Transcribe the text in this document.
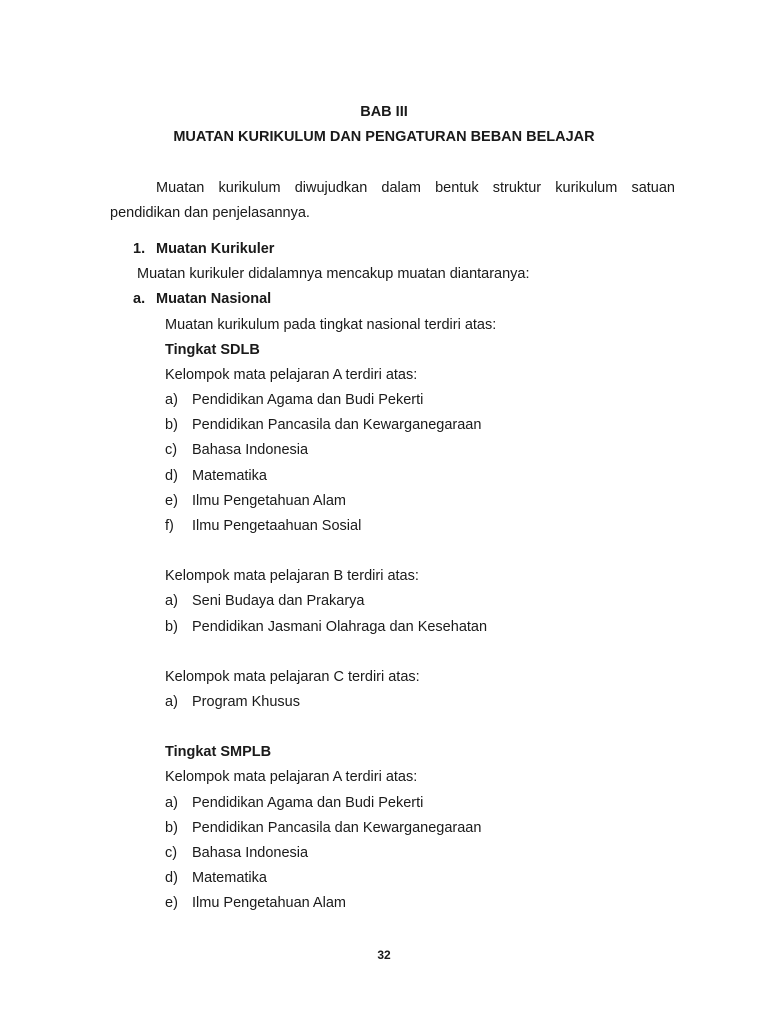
BAB III
MUATAN KURIKULUM DAN PENGATURAN BEBAN BELAJAR
Muatan kurikulum diwujudkan dalam bentuk struktur kurikulum satuan
pendidikan dan penjelasannya.
1. Muatan Kurikuler
Muatan kurikuler didalamnya mencakup muatan diantaranya:
a. Muatan Nasional
Muatan kurikulum pada tingkat nasional terdiri atas:
Tingkat SDLB
Kelompok mata pelajaran A terdiri atas:
a) Pendidikan Agama dan Budi Pekerti
b) Pendidikan Pancasila dan Kewarganegaraan
c) Bahasa Indonesia
d) Matematika
e) Ilmu Pengetahuan Alam
f) Ilmu Pengetaahuan Sosial
Kelompok mata pelajaran B terdiri atas:
a) Seni Budaya dan Prakarya
b) Pendidikan Jasmani Olahraga dan Kesehatan
Kelompok mata pelajaran C terdiri atas:
a) Program Khusus
Tingkat SMPLB
Kelompok mata pelajaran A terdiri atas:
a) Pendidikan Agama dan Budi Pekerti
b) Pendidikan Pancasila dan Kewarganegaraan
c) Bahasa Indonesia
d) Matematika
e) Ilmu Pengetahuan Alam
32
